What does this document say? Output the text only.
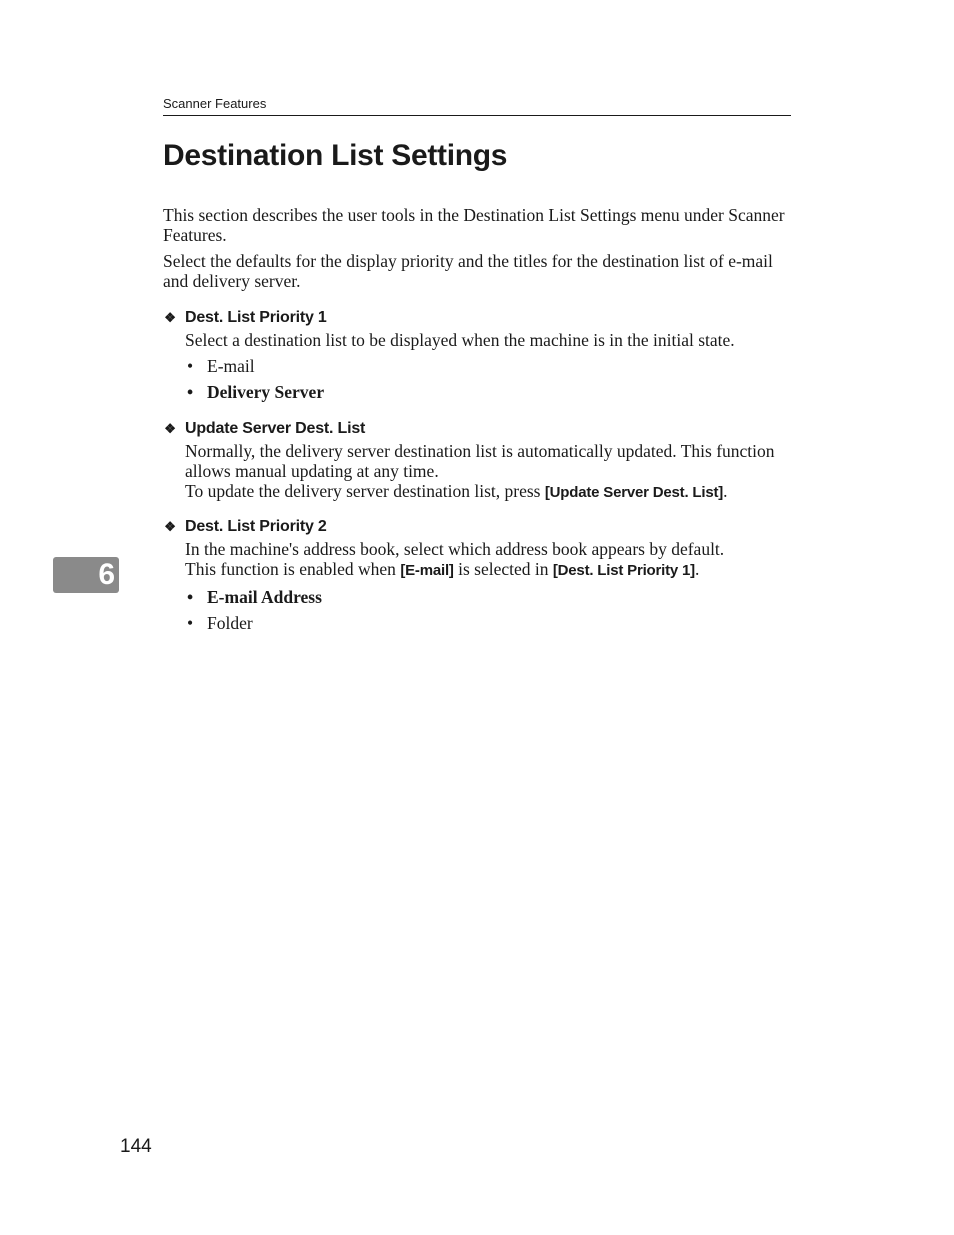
Scanner Features
Destination List Settings

This section describes the user tools in the Destination List Settings menu under Scanner Features.

Select the defaults for the display priority and the titles for the destination list of e-mail and delivery server.

❖ Dest. List Priority 1

Select a destination list to be displayed when the machine is in the initial state.

• E-mail
• Delivery Server
❖ Update Server Dest. List

Normally, the delivery server destination list is automatically updated. This function allows manual updating at any time.

To update the delivery server destination list, press [Update Server Dest. List].

❖ Dest. List Priority 2

In the machine's address book, select which address book appears by default.

This function is enabled when [E-mail] is selected in [Dest. List Priority 1].

• E-mail Address
• Folder
6
144
